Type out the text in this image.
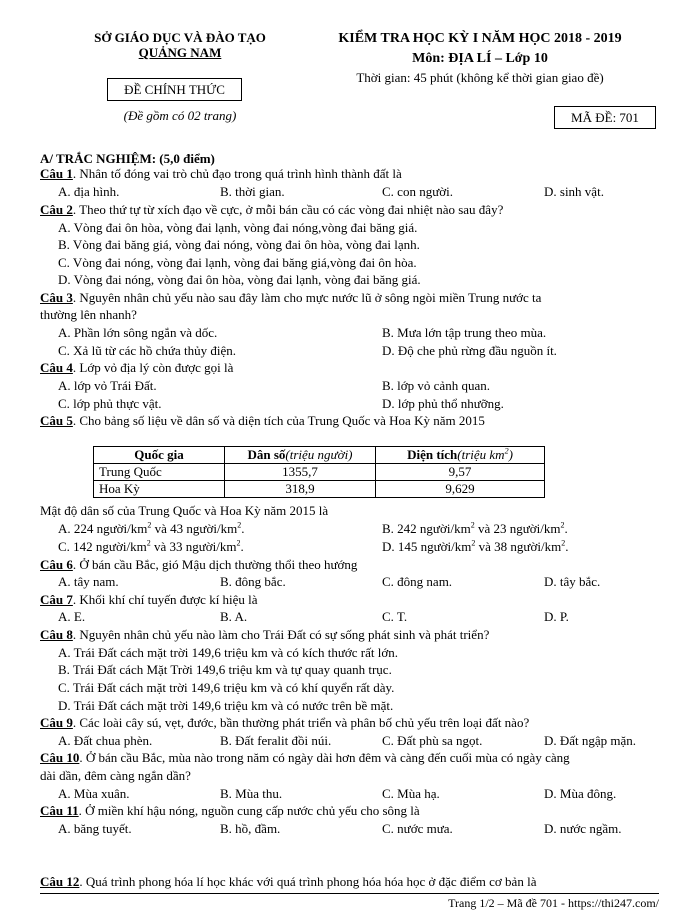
SỞ GIÁO DỤC VÀ ĐÀO TẠO
QUẢNG NAM
ĐỀ CHÍNH THỨC
(Đề gồm có 02 trang)
KIỂM TRA HỌC KỲ I NĂM HỌC 2018 - 2019
Môn: ĐỊA LÍ – Lớp 10
Thời gian: 45 phút (không kể thời gian giao đề)
MÃ ĐỀ: 701
A/ TRẮC NGHIỆM: (5,0 điểm)
Câu 1. Nhân tố đóng vai trò chủ đạo trong quá trình hình thành đất là
A. địa hình.	B. thời gian.	C. con người.	D. sinh vật.
Câu 2. Theo thứ tự từ xích đạo về cực, ở mỗi bán cầu có các vòng đai nhiệt nào sau đây?
A. Vòng đai ôn hòa, vòng đai lạnh, vòng đai nóng,vòng đai băng giá.
B. Vòng đai băng giá, vòng đai nóng, vòng đai ôn hòa, vòng đai lạnh.
C. Vòng đai nóng, vòng đai lạnh, vòng đai băng giá,vòng đai ôn hòa.
D. Vòng đai nóng, vòng đai ôn hòa, vòng đai lạnh, vòng đai băng giá.
Câu 3. Nguyên nhân chủ yếu nào sau đây làm cho mực nước lũ ở sông ngòi miền Trung nước ta
thường lên nhanh?
A. Phần lớn sông ngắn và dốc.	B. Mưa lớn tập trung theo mùa.
C. Xả lũ từ các hồ chứa thủy điện.	D. Độ che phủ rừng đầu nguồn ít.
Câu 4. Lớp vỏ địa lý còn được gọi là
A. lớp vỏ Trái Đất.	B. lớp vỏ cảnh quan.
C. lớp phủ thực vật.	D. lớp phủ thổ nhưỡng.
Câu 5. Cho bảng số liệu về dân số và diện tích của Trung Quốc và Hoa Kỳ năm 2015
Quốc gia	Dân số(triệu người)	Diện tích(triệu $km^2$)
Trung Quốc	1355,7	9,57
Hoa Kỳ	318,9	9,629
Mật độ dân số của Trung Quốc và Hoa Kỳ năm 2015 là
A. 224 người/$km^2$ và 43 người/$km^2$.	B. 242 người/$km^2$ và 23 người/$km^2$.
C. 142 người/$km^2$ và 33 người/$km^2$.	D. 145 người/$km^2$ và 38 người/$km^2$.
Câu 6. Ở bán cầu Bắc, gió Mậu dịch thường thổi theo hướng
A. tây nam.	B. đông bắc.	C. đông nam.	D. tây bắc.
Câu 7. Khối khí chí tuyến được kí hiệu là
A. E.	B. A.	C. T.	D. P.
Câu 8. Nguyên nhân chủ yếu nào làm cho Trái Đất có sự sống phát sinh và phát triển?
A. Trái Đất cách mặt trời 149,6 triệu km và có kích thước rất lớn.
B. Trái Đất cách Mặt Trời 149,6 triệu km và tự quay quanh trục.
C. Trái Đất cách mặt trời 149,6 triệu km và có khí quyển rất dày.
D. Trái Đất cách mặt trời 149,6 triệu km và có nước trên bề mặt.
Câu 9. Các loài cây sú, vẹt, đước, bần thường phát triển và phân bố chủ yếu trên loại đất nào?
A. Đất chua phèn.	B. Đất feralit đồi núi.	C. Đất phù sa ngọt.	D. Đất ngập mặn.
Câu 10. Ở bán cầu Bắc, mùa nào trong năm có ngày dài hơn đêm và càng đến cuối mùa có ngày càng
dài dần, đêm càng ngắn dần?
A. Mùa xuân.	B. Mùa thu.	C. Mùa hạ.	D. Mùa đông.
Câu 11. Ở miền khí hậu nóng, nguồn cung cấp nước chủ yếu cho sông là
A. băng tuyết.	B. hồ, đầm.	C. nước mưa.	D. nước ngầm.
Câu 12. Quá trình phong hóa lí học khác với quá trình phong hóa hóa học ở đặc điểm cơ bản là
Trang 1/2 – Mã đề 701 - https://thi247.com/
